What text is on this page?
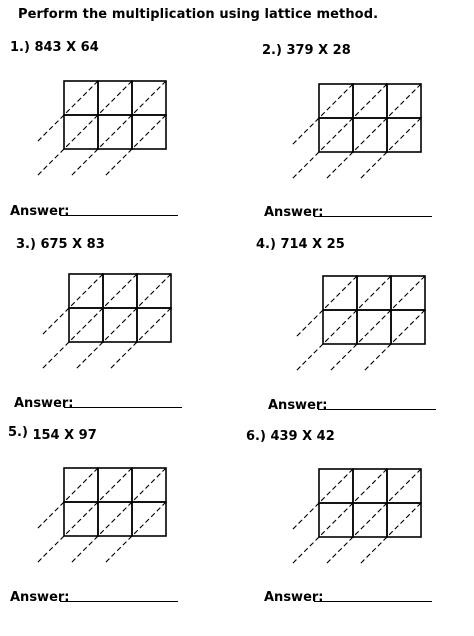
Perform the multiplication using lattice method.
1.) 843 X 64
Answer:
2.) 379 X 28
Answer:
3.) 675 X 83
Answer:
4.) 714 X 25
Answer:
5.) 154 X 97
Answer:
6.) 439 X 42
Answer:
